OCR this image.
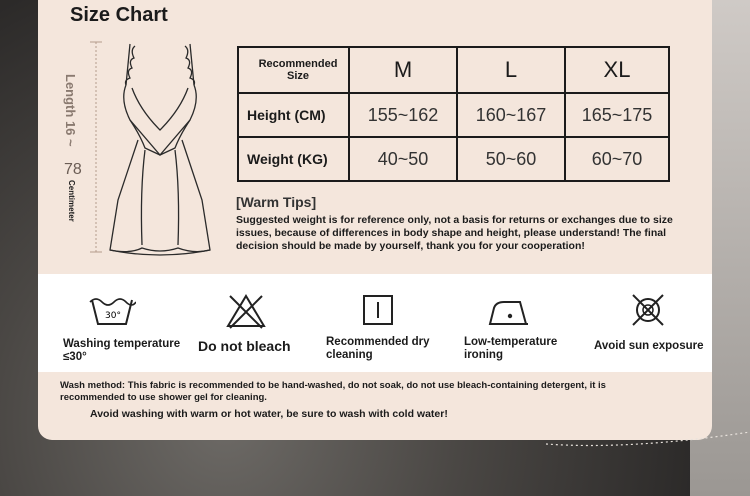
Size Chart
Length 16 ~
78
Centimeter
Recommended Size	M	L	XL
Height (CM)	155~162	160~167	165~175
Weight (KG)	40~50	50~60	60~70
[Warm Tips]
Suggested weight is for reference only, not a basis for returns or exchanges due to size issues, because of differences in body shape and height, please understand! The final decision should be made by yourself, thank you for your cooperation!
30°
Washing temperature ≤30°
Do not bleach	Recommended dry cleaning
Low-temperature ironing
Avoid sun exposure
Wash method: This fabric is recommended to be hand-washed, do not soak, do not use bleach-containing detergent, it is recommended to use shower gel for cleaning.
Avoid washing with warm or hot water, be sure to wash with cold water!
